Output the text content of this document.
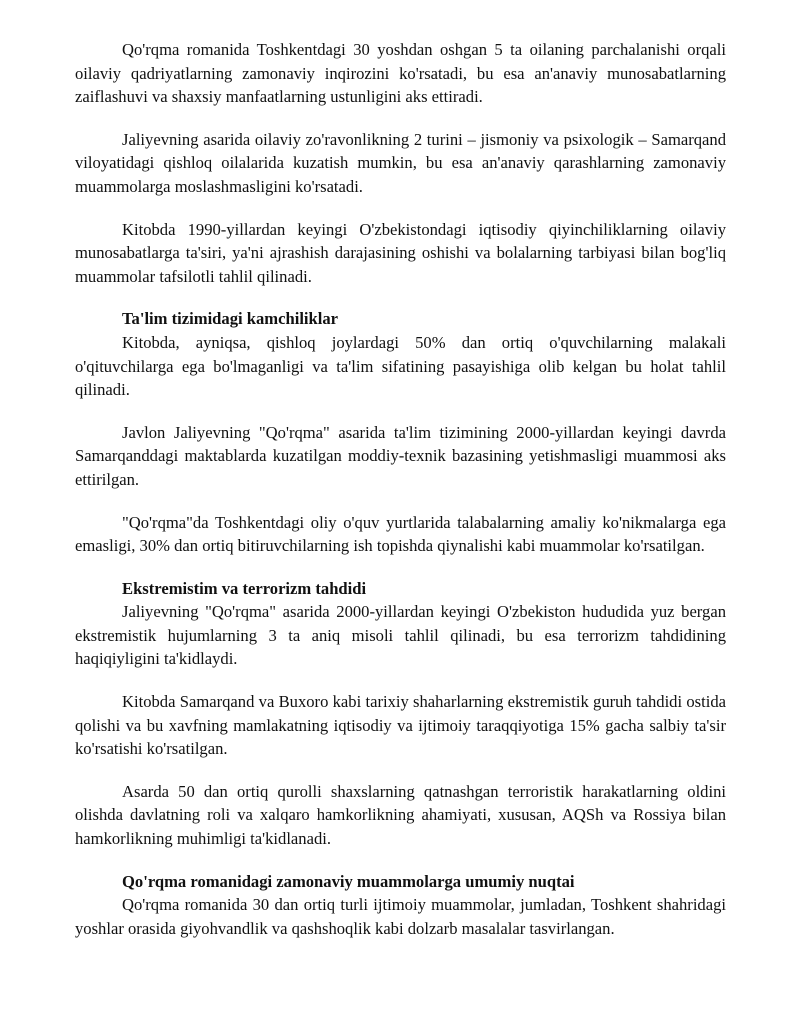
Qo'rqma romanida Toshkentdagi 30 yoshdan oshgan 5 ta oilaning parchalanishi orqali oilaviy qadriyatlarning zamonaviy inqirozini ko'rsatadi, bu esa an'anaviy munosabatlarning zaiflashuvi va shaxsiy manfaatlarning ustunligini aks ettiradi.

Jaliyevning asarida oilaviy zo'ravonlikning 2 turini – jismoniy va psixologik – Samarqand viloyatidagi qishloq oilalarida kuzatish mumkin, bu esa an'anaviy qarashlarning zamonaviy muammolarga moslashmasligini ko'rsatadi.

Kitobda 1990-yillardan keyingi O'zbekistondagi iqtisodiy qiyinchiliklarning oilaviy munosabatlarga ta'siri, ya'ni ajrashish darajasining oshishi va bolalarning tarbiyasi bilan bog'liq muammolar tafsilotli tahlil qilinadi.

Ta'lim tizimidagi kamchiliklar

Kitobda, ayniqsa, qishloq joylardagi 50% dan ortiq o'quvchilarning malakali o'qituvchilarga ega bo'lmaganligi va ta'lim sifatining pasayishiga olib kelgan bu holat tahlil qilinadi.

Javlon Jaliyevning "Qo'rqma" asarida ta'lim tizimining 2000-yillardan keyingi davrda Samarqanddagi maktablarda kuzatilgan moddiy-texnik bazasining yetishmasligi muammosi aks ettirilgan.

"Qo'rqma"da Toshkentdagi oliy o'quv yurtlarida talabalarning amaliy ko'nikmalarga ega emasligi, 30% dan ortiq bitiruvchilarning ish topishda qiynalishi kabi muammolar ko'rsatilgan.

Ekstremistim va terrorizm tahdidi

Jaliyevning "Qo'rqma" asarida 2000-yillardan keyingi O'zbekiston hududida yuz bergan ekstremistik hujumlarning 3 ta aniq misoli tahlil qilinadi, bu esa terrorizm tahdidining haqiqiyligini ta'kidlaydi.

Kitobda Samarqand va Buxoro kabi tarixiy shaharlarning ekstremistik guruh tahdidi ostida qolishi va bu xavfning mamlakatning iqtisodiy va ijtimoiy taraqqiyotiga 15% gacha salbiy ta'sir ko'rsatishi ko'rsatilgan.

Asarda 50 dan ortiq qurolli shaxslarning qatnashgan terroristik harakatlarning oldini olishda davlatning roli va xalqaro hamkorlikning ahamiyati, xususan, AQSh va Rossiya bilan hamkorlikning muhimligi ta'kidlanadi.

Qo'rqma romanidagi zamonaviy muammolarga umumiy nuqtai

Qo'rqma romanida 30 dan ortiq turli ijtimoiy muammolar, jumladan, Toshkent shahridagi yoshlar orasida giyohvandlik va qashshoqlik kabi dolzarb masalalar tasvirlangan.
